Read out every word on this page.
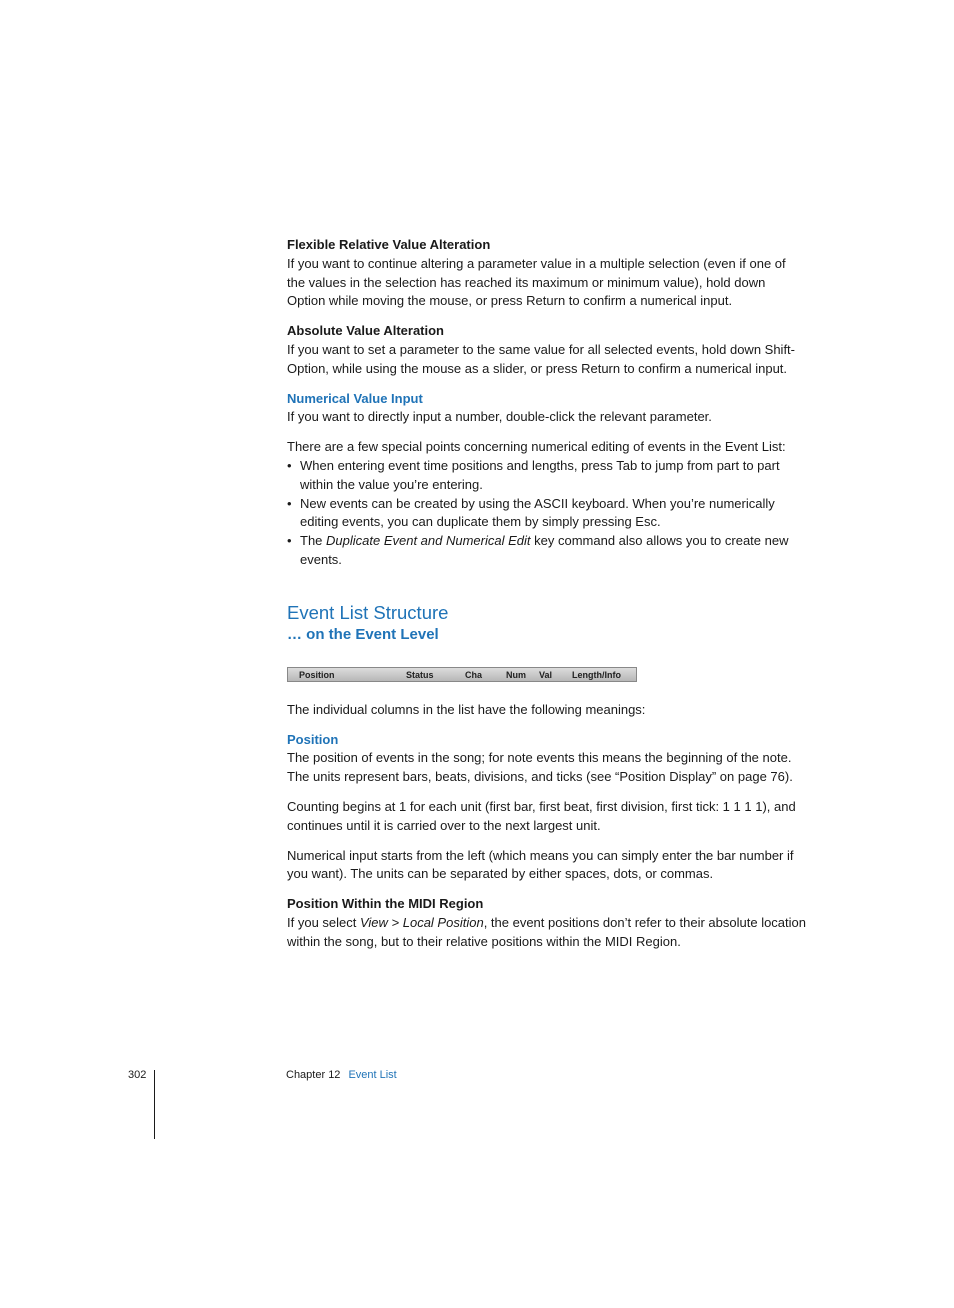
Flexible Relative Value Alteration

If you want to continue altering a parameter value in a multiple selection (even if one of the values in the selection has reached its maximum or minimum value), hold down Option while moving the mouse, or press Return to confirm a numerical input.

Absolute Value Alteration

If you want to set a parameter to the same value for all selected events, hold down Shift-Option, while using the mouse as a slider, or press Return to confirm a numerical input.

Numerical Value Input

If you want to directly input a number, double-click the relevant parameter.

There are a few special points concerning numerical editing of events in the Event List:

• When entering event time positions and lengths, press Tab to jump from part to part within the value you’re entering.
• New events can be created by using the ASCII keyboard. When you’re numerically editing events, you can duplicate them by simply pressing Esc.
• The Duplicate Event and Numerical Edit key command also allows you to create new events.
Event List Structure
… on the Event Level
Position	Status	Cha	Num Val Length/Info

The individual columns in the list have the following meanings:

Position

The position of events in the song; for note events this means the beginning of the note. The units represent bars, beats, divisions, and ticks (see “Position Display” on page 76).

Counting begins at 1 for each unit (first bar, first beat, first division, first tick: 1 1 1 1), and continues until it is carried over to the next largest unit.

Numerical input starts from the left (which means you can simply enter the bar number if you want). The units can be separated by either spaces, dots, or commas.

Position Within the MIDI Region

If you select View > Local Position, the event positions don’t refer to their absolute location within the song, but to their relative positions within the MIDI Region.

302	Chapter 12 Event List
